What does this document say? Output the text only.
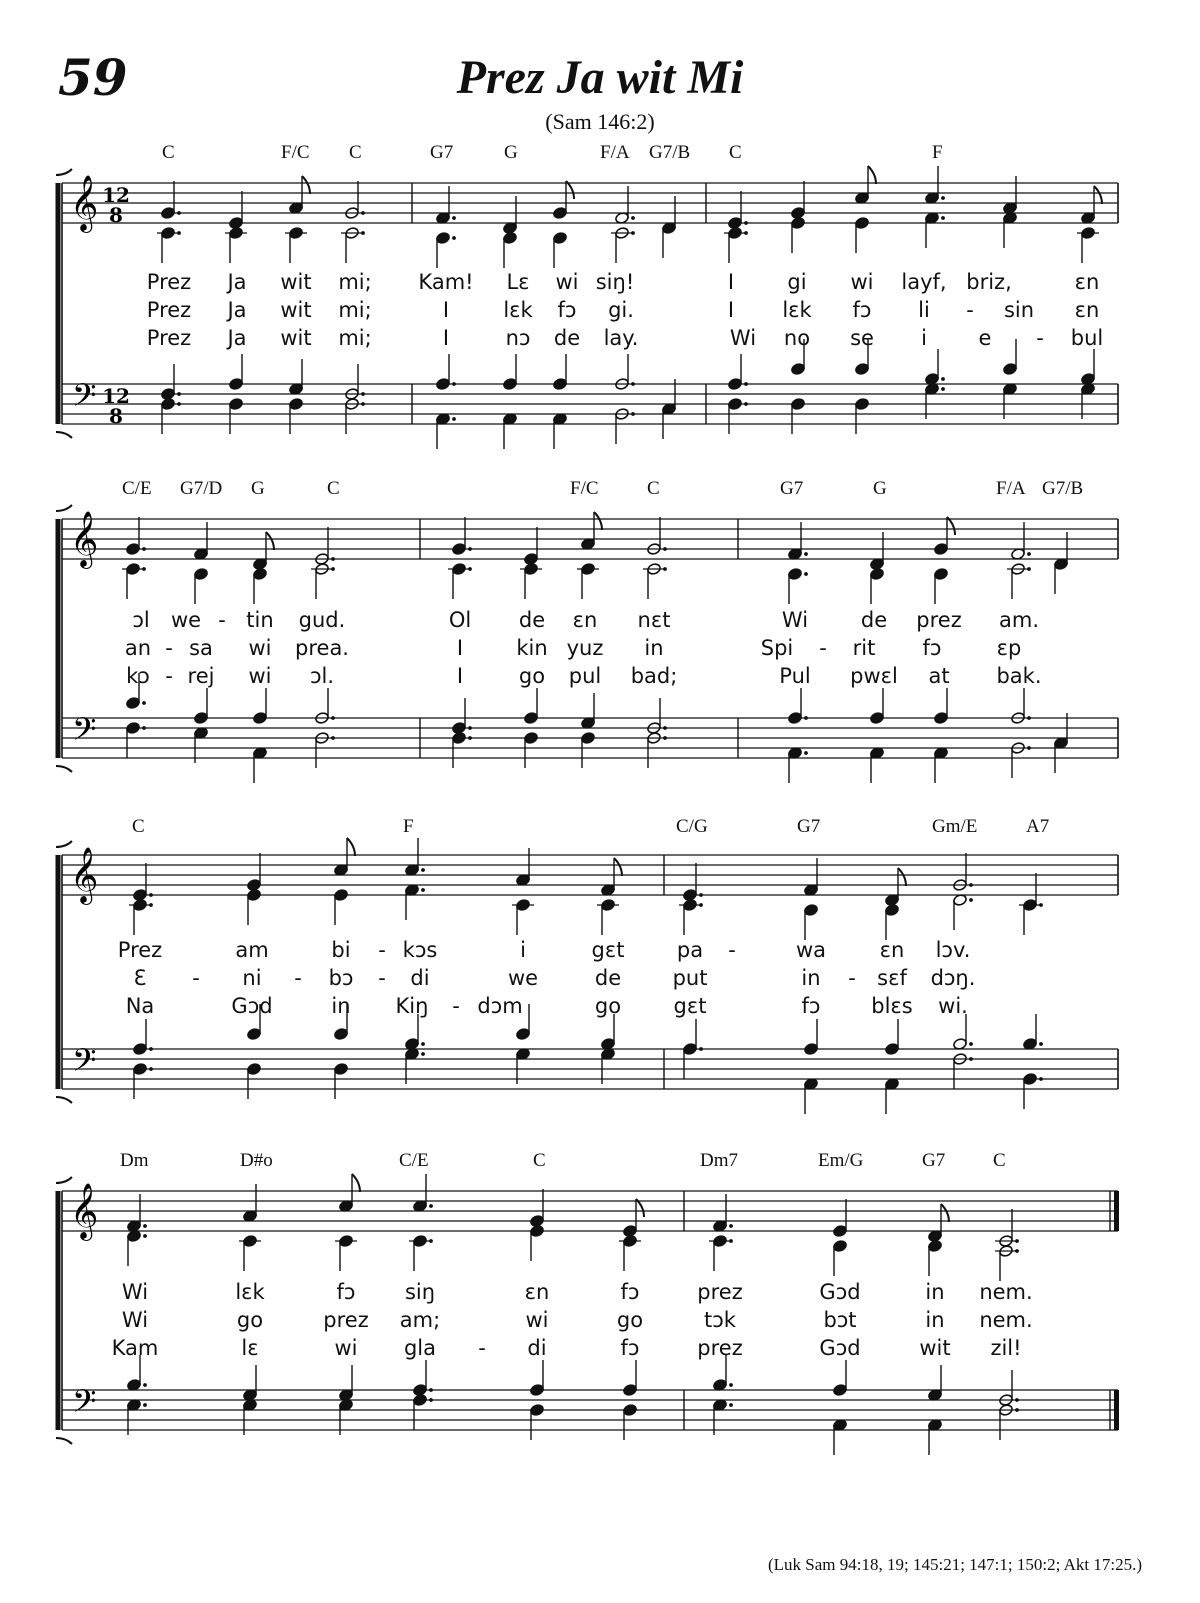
59	Prez Ja wit Mi
(Sam 146:2)
𝄞
𝄢
12
8
12
8
𝄞
𝄢
𝄞
𝄢
𝄞
𝄢
C	F/C C	G7	G	F/A G7/B C	F
Prez Ja wit mi; Kam! Lɛ wi siŋ!	I	gi wi layf, briz,	ɛn
Prez Ja wit mi;	I	lɛk fɔ gi.	I lɛk fɔ li - sin ɛn
Prez Ja wit mi;	I	nɔ de lay.	Wi no se i e - bul
C/E G7/D G	C	F/C	C	G7	G	F/A G7/B
ɔl we - tin gud.	Ol de ɛn nɛt	Wi	de prez am.
an - sa wi prea.	I	kin yuz in	Spi - rit fɔ	ɛp
kɔ - rej wi ɔl.	I	go pul bad;	Pul pwɛl at bak.
C	F	C/G	G7	Gm/E	A7
Prez	am	bi - kɔs	i	gɛt pa -	wa	ɛn lɔv.
Ɛ - ni - bɔ - di	we	de put	in - sɛf dɔŋ.
Na	Gɔd	in Kiŋ - dɔm	go gɛt	fɔ blɛs wi.
Dm	D#o	C/E	C	Dm7	Em/G	G7	C
Wi	lɛk	fɔ siŋ	ɛn	fɔ	prez	Gɔd	in nem.
Wi	go	prez am;	wi	go	tɔk	bɔt	in nem.
Kam	lɛ	wi gla - di	fɔ	prez	Gɔd	wit zil!
(Luk Sam 94:18, 19; 145:21; 147:1; 150:2; Akt 17:25.)
